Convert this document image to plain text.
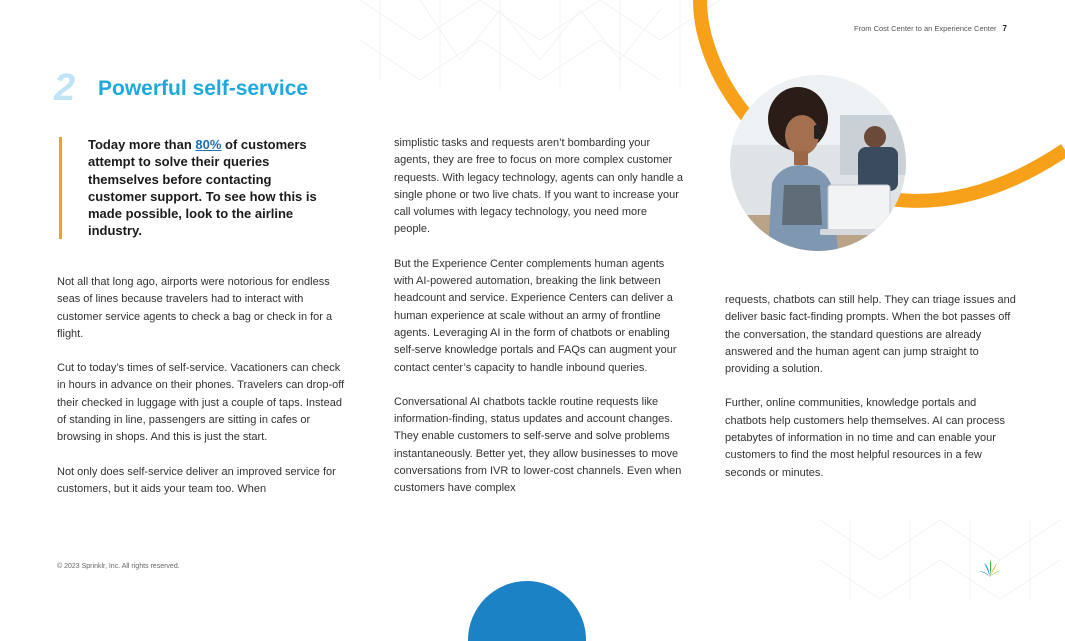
From Cost Center to an Experience Center 7
2 Powerful self-service

Today more than 80% of customers attempt to solve their queries themselves before contacting customer support. To see how this is made possible, look to the airline industry.

Not all that long ago, airports were notorious for endless seas of lines because travelers had to interact with customer service agents to check a bag or check in for a flight.

Cut to today’s times of self-service. Vacationers can check in hours in advance on their phones. Travelers can drop-off their checked in luggage with just a couple of taps. Instead of standing in line, passengers are sitting in cafes or browsing in shops. And this is just the start.

Not only does self-service deliver an improved service for customers, but it aids your team too. When

simplistic tasks and requests aren’t bombarding your agents, they are free to focus on more complex customer requests. With legacy technology, agents can only handle a single phone or two live chats. If you want to increase your call volumes with legacy technology, you need more people.

But the Experience Center complements human agents with AI-powered automation, breaking the link between headcount and service. Experience Centers can deliver a human experience at scale without an army of frontline agents. Leveraging AI in the form of chatbots or enabling self-serve knowledge portals and FAQs can augment your contact center’s capacity to handle inbound queries.

Conversational AI chatbots tackle routine requests like information-finding, status updates and account changes. They enable customers to self-serve and solve problems instantaneously. Better yet, they allow businesses to move conversations from IVR to lower-cost channels. Even when customers have complex

requests, chatbots can still help. They can triage issues and deliver basic fact-finding prompts. When the bot passes off the conversation, the standard questions are already answered and the human agent can jump straight to providing a solution.

Further, online communities, knowledge portals and chatbots help customers help themselves. AI can process petabytes of information in no time and can enable your customers to find the most helpful resources in a few seconds or minutes.

© 2023 Sprinklr, Inc. All rights reserved.
